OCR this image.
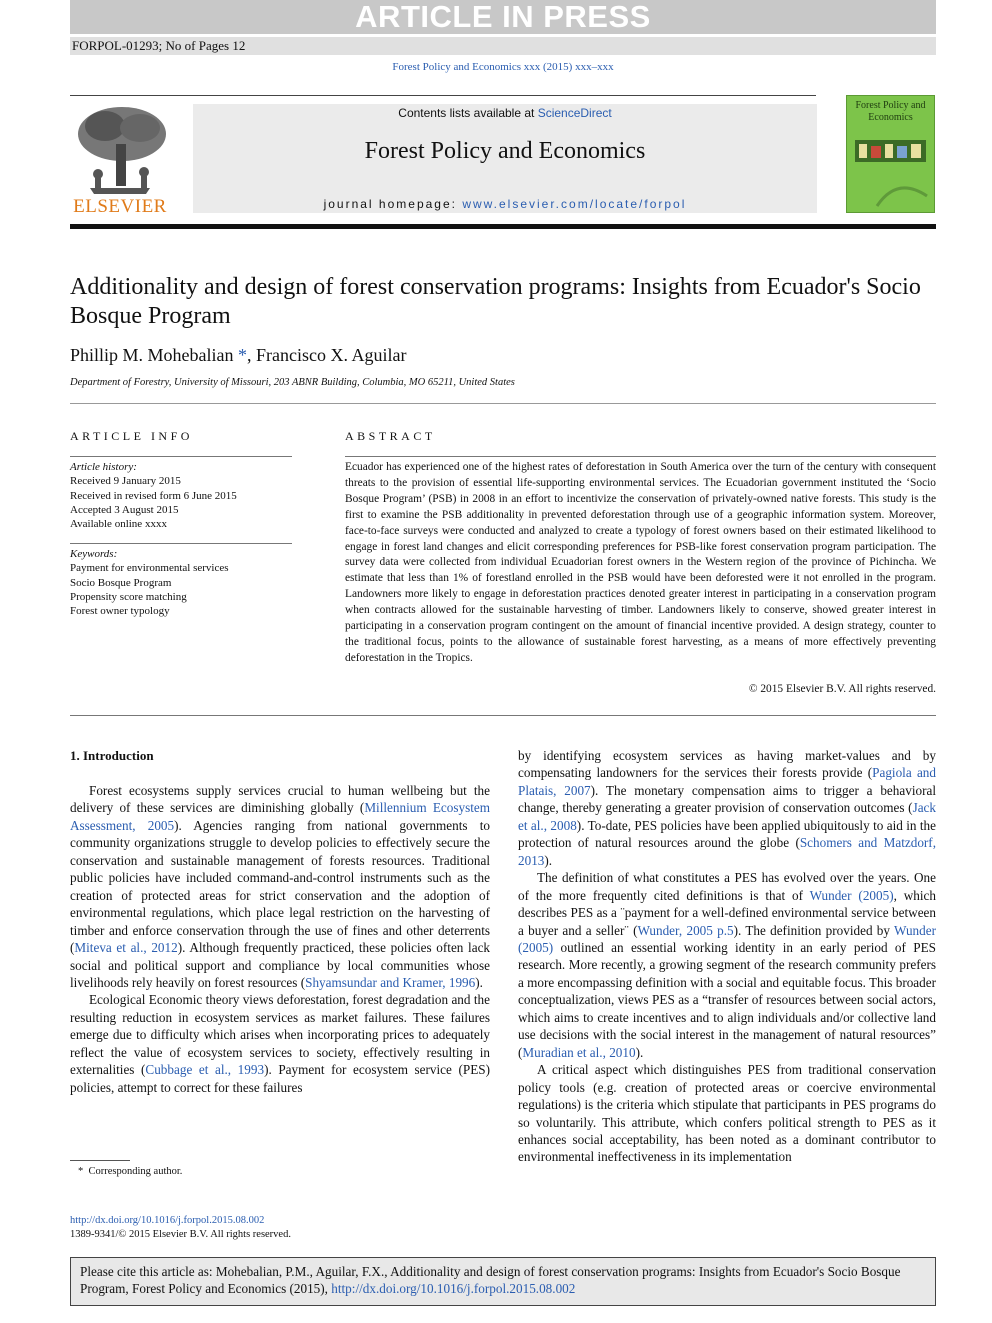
ARTICLE IN PRESS
FORPOL-01293; No of Pages 12
Forest Policy and Economics xxx (2015) xxx–xxx
ELSEVIER
Contents lists available at ScienceDirect
Forest Policy and Economics
journal homepage: www.elsevier.com/locate/forpol
Forest Policy and Economics
Additionality and design of forest conservation programs: Insights from Ecuador's Socio Bosque Program
Phillip M. Mohebalian *, Francisco X. Aguilar
Department of Forestry, University of Missouri, 203 ABNR Building, Columbia, MO 65211, United States
ARTICLE INFO	ABSTRACT
Article history:
Received 9 January 2015
Received in revised form 6 June 2015
Accepted 3 August 2015
Available online xxxx
Keywords:
Payment for environmental services
Socio Bosque Program
Propensity score matching
Forest owner typology
Ecuador has experienced one of the highest rates of deforestation in South America over the turn of the century with consequent threats to the provision of essential life-supporting environmental services. The Ecuadorian government instituted the ‘Socio Bosque Program’ (PSB) in 2008 in an effort to incentivize the conservation of privately-owned native forests. This study is the first to examine the PSB additionality in prevented deforestation through use of a geographic information system. Moreover, face-to-face surveys were conducted and analyzed to create a typology of forest owners based on their estimated likelihood to engage in forest land changes and elicit corresponding preferences for PSB-like forest conservation program participation. The survey data were collected from individual Ecuadorian forest owners in the Western region of the province of Pichincha. We estimate that less than 1% of forestland enrolled in the PSB would have been deforested were it not enrolled in the program. Landowners more likely to engage in deforestation practices denoted greater interest in participating in a conservation program when contracts allowed for the sustainable harvesting of timber. Landowners likely to conserve, showed greater interest in participating in a conservation program contingent on the amount of financial incentive provided. A design strategy, counter to the traditional focus, points to the allowance of sustainable forest harvesting, as a means of more effectively preventing deforestation in the Tropics.
© 2015 Elsevier B.V. All rights reserved.
1. Introduction

Forest ecosystems supply services crucial to human wellbeing but the delivery of these services are diminishing globally (Millennium Ecosystem Assessment, 2005). Agencies ranging from national governments to community organizations struggle to develop policies to effectively secure the conservation and sustainable management of forests resources. Traditional public policies have included command-and-control instruments such as the creation of protected areas for strict conservation and the adoption of environmental regulations, which place legal restriction on the harvesting of timber and enforce conservation through the use of fines and other deterrents (Miteva et al., 2012). Although frequently practiced, these policies often lack social and political support and compliance by local communities whose livelihoods rely heavily on forest resources (Shyamsundar and Kramer, 1996).

Ecological Economic theory views deforestation, forest degradation and the resulting reduction in ecosystem services as market failures. These failures emerge due to difficulty which arises when incorporating prices to adequately reflect the value of ecosystem services to society, effectively resulting in externalities (Cubbage et al., 1993). Payment for ecosystem service (PES) policies, attempt to correct for these failures

by identifying ecosystem services as having market-values and by compensating landowners for the services their forests provide (Pagiola and Platais, 2007). The monetary compensation aims to trigger a behavioral change, thereby generating a greater provision of conservation outcomes (Jack et al., 2008). To-date, PES policies have been applied ubiquitously to aid in the protection of natural resources around the globe (Schomers and Matzdorf, 2013).

The definition of what constitutes a PES has evolved over the years. One of the more frequently cited definitions is that of Wunder (2005), which describes PES as a ¨payment for a well-defined environmental service between a buyer and a seller¨ (Wunder, 2005 p.5). The definition provided by Wunder (2005) outlined an essential working identity in an early period of PES research. More recently, a growing segment of the research community prefers a more encompassing definition with a social and equitable focus. This broader conceptualization, views PES as a “transfer of resources between social actors, which aims to create incentives and to align individuals and/or collective land use decisions with the social interest in the management of natural resources” (Muradian et al., 2010).

A critical aspect which distinguishes PES from traditional conservation policy tools (e.g. creation of protected areas or coercive environmental regulations) is the criteria which stipulate that participants in PES programs do so voluntarily. This attribute, which confers political strength to PES as it enhances social acceptability, has been noted as a dominant contributor to environmental ineffectiveness in its implementation

* Corresponding author.
http://dx.doi.org/10.1016/j.forpol.2015.08.002
1389-9341/© 2015 Elsevier B.V. All rights reserved.
Please cite this article as: Mohebalian, P.M., Aguilar, F.X., Additionality and design of forest conservation programs: Insights from Ecuador's Socio Bosque Program, Forest Policy and Economics (2015), http://dx.doi.org/10.1016/j.forpol.2015.08.002
